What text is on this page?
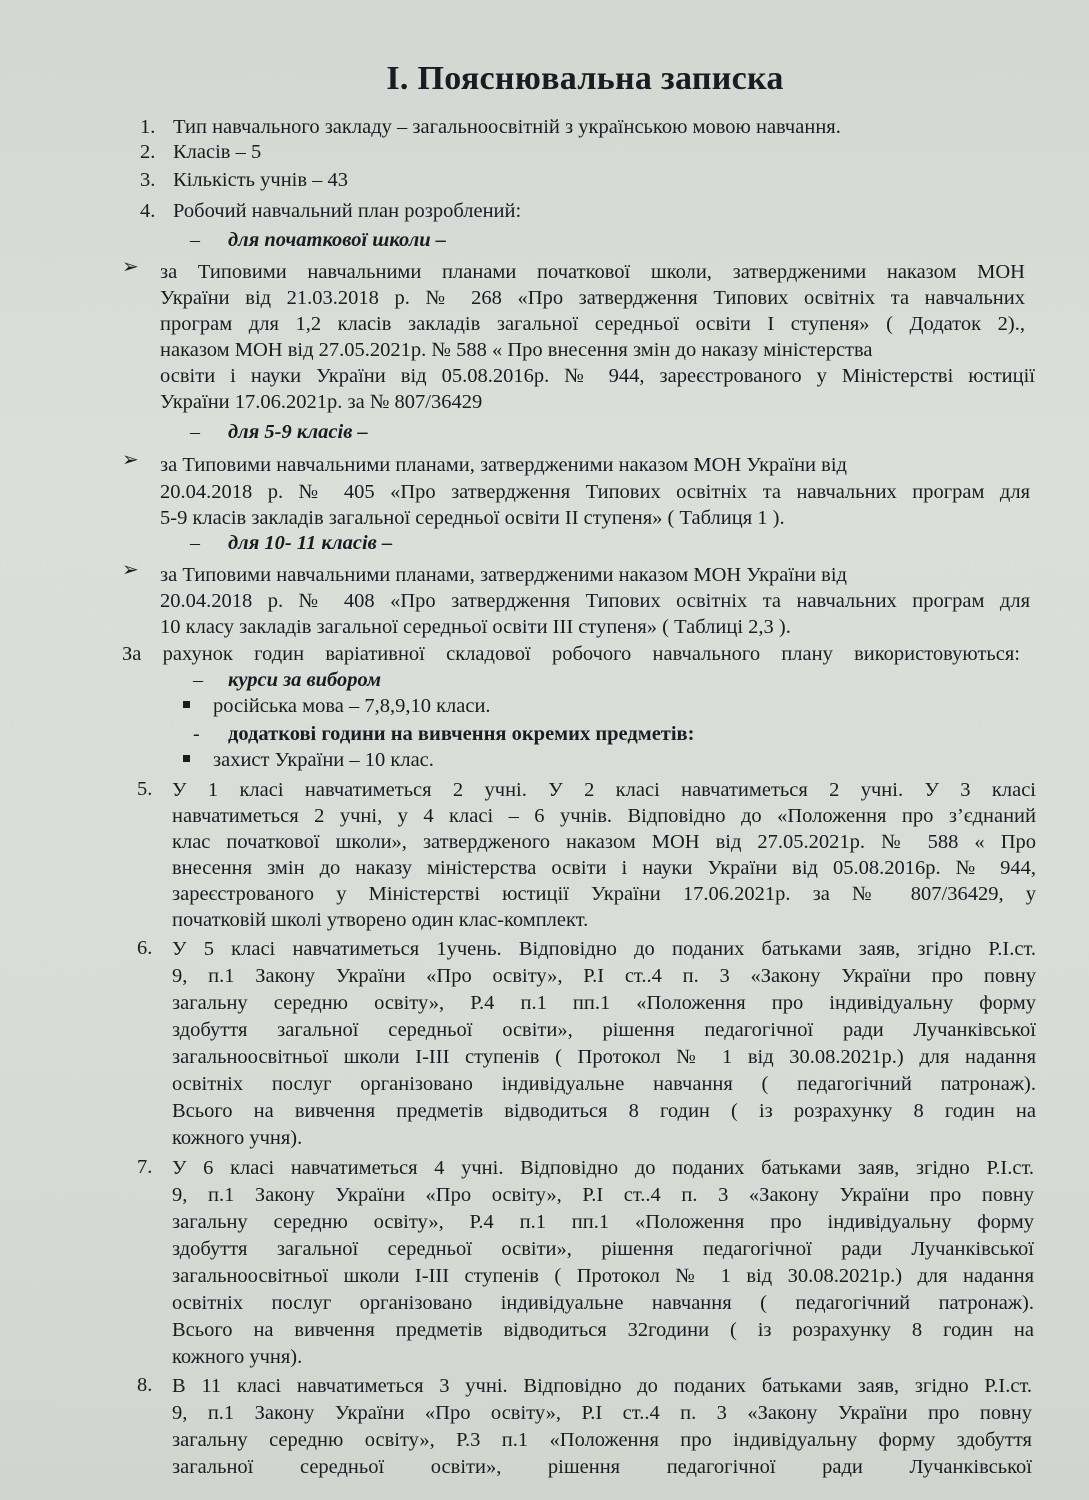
І. Пояснювальна записка
1. Тип навчального закладу – загальноосвітній з українською мовою навчання.
2. Класів – 5
3. Кількість учнів – 43
4. Робочий навчальний план розроблений:
– для початкової школи –
➢ за Типовими навчальними планами початкової школи, затвердженими наказом МОН
України від 21.03.2018 р. № 268 «Про затвердження Типових освітніх та навчальних
програм для 1,2 класів закладів загальної середньої освіти І ступеня» ( Додаток 2).,
наказом МОН від 27.05.2021р. № 588 « Про внесення змін до наказу міністерства
освіти і науки України від 05.08.2016р. № 944, зареєстрованого у Міністерстві юстиції
України 17.06.2021р. за № 807/36429
– для 5-9 класів –
➢ за Типовими навчальними планами, затвердженими наказом МОН України від
20.04.2018 р. № 405 «Про затвердження Типових освітніх та навчальних програм для
5-9 класів закладів загальної середньої освіти ІІ ступеня» ( Таблиця 1 ).
– для 10- 11 класів –
➢ за Типовими навчальними планами, затвердженими наказом МОН України від
20.04.2018 р. № 408 «Про затвердження Типових освітніх та навчальних програм для
10 класу закладів загальної середньої освіти ІІІ ступеня» ( Таблиці 2,3 ).
За рахунок годин варіативної складової робочого навчального плану використовуються:
– курси за вибором
російська мова – 7,8,9,10 класи.
- додаткові години на вивчення окремих предметів:
захист України – 10 клас.
5. У 1 класі навчатиметься 2 учні. У 2 класі навчатиметься 2 учні. У 3 класі
навчатиметься 2 учні, у 4 класі – 6 учнів. Відповідно до «Положення про з’єднаний
клас початкової школи», затвердженого наказом МОН від 27.05.2021р. № 588 « Про
внесення змін до наказу міністерства освіти і науки України від 05.08.2016р. № 944,
зареєстрованого у Міністерстві юстиції України 17.06.2021р. за № 807/36429, у
початковій школі утворено один клас-комплект.
6. У 5 класі навчатиметься 1учень. Відповідно до поданих батьками заяв, згідно Р.І.ст.
9, п.1 Закону України «Про освіту», Р.І ст..4 п. 3 «Закону України про повну
загальну середню освіту», Р.4 п.1 пп.1 «Положення про індивідуальну форму
здобуття загальної середньої освіти», рішення педагогічної ради Лучанківської
загальноосвітньої школи І-ІІІ ступенів ( Протокол № 1 від 30.08.2021р.) для надання
освітніх послуг організовано індивідуальне навчання ( педагогічний патронаж).
Всього на вивчення предметів відводиться 8 годин ( із розрахунку 8 годин на
кожного учня).
7. У 6 класі навчатиметься 4 учні. Відповідно до поданих батьками заяв, згідно Р.І.ст.
9, п.1 Закону України «Про освіту», Р.І ст..4 п. 3 «Закону України про повну
загальну середню освіту», Р.4 п.1 пп.1 «Положення про індивідуальну форму
здобуття загальної середньої освіти», рішення педагогічної ради Лучанківської
загальноосвітньої школи І-ІІІ ступенів ( Протокол № 1 від 30.08.2021р.) для надання
освітніх послуг організовано індивідуальне навчання ( педагогічний патронаж).
Всього на вивчення предметів відводиться 32години ( із розрахунку 8 годин на
кожного учня).
8. В 11 класі навчатиметься 3 учні. Відповідно до поданих батьками заяв, згідно Р.І.ст.
9, п.1 Закону України «Про освіту», Р.І ст..4 п. 3 «Закону України про повну
загальну середню освіту», Р.3 п.1 «Положення про індивідуальну форму здобуття
загальної середньої освіти», рішення педагогічної ради Лучанківської
